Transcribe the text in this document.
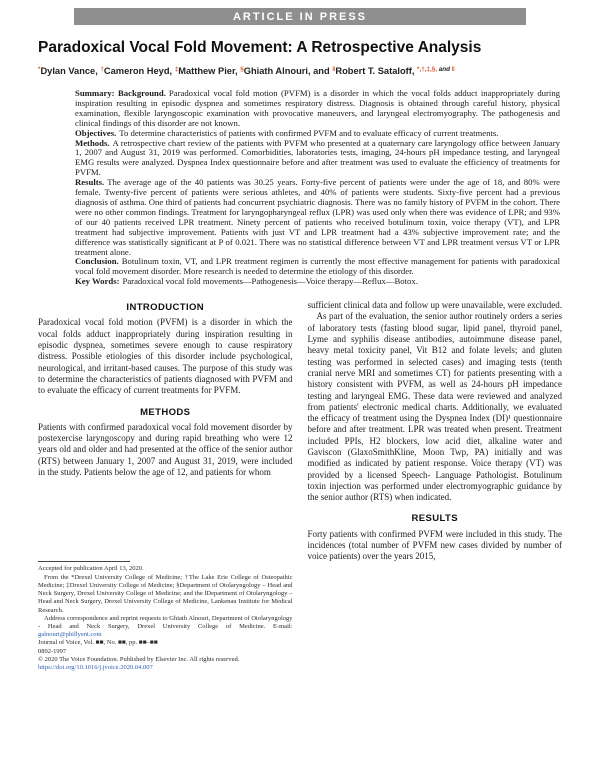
ARTICLE IN PRESS
Paradoxical Vocal Fold Movement: A Retrospective Analysis
*Dylan Vance, †Cameron Heyd, ‡Matthew Pier, §Ghiath Alnouri, and ‖Robert T. Sataloff, *,†,‡,§, $^{and}$ ‖

Summary: Background. Paradoxical vocal fold motion (PVFM) is a disorder in which the vocal folds adduct inappropriately during inspiration resulting in episodic dyspnea and sometimes respiratory distress. Diagnosis is obtained through careful history, physical examination, flexible laryngoscopic examination with provocative maneuvers, and laryngeal electromyography. The pathogenesis and clinical findings of this disorder are not known.

Objectives. To determine characteristics of patients with confirmed PVFM and to evaluate efficacy of current treatments.

Methods. A retrospective chart review of the patients with PVFM who presented at a quaternary care laryngology office between January 1, 2007 and August 31, 2019 was performed. Comorbidities, laboratories tests, imaging, 24-hours pH impedance testing, and laryngeal EMG results were analyzed. Dyspnea Index questionnaire before and after treatment was used to evaluate the efficiency of treatments for PVFM.

Results. The average age of the 40 patients was 30.25 years. Forty-five percent of patients were under the age of 18, and 80% were female. Twenty-five percent of patients were serious athletes, and 40% of patients were students. Sixty-five percent had a previous diagnosis of asthma. One third of patients had concurrent psychiatric diagnosis. There was no family history of PVFM in the cohort. There were no other common findings. Treatment for laryngopharyngeal reflux (LPR) was used only when there was evidence of LPR; and 93% of our 40 patients received LPR treatment. Ninety percent of patients who received botulinum toxin, voice therapy (VT), and LPR treatment had subjective improvement. Patients with just VT and LPR treatment had a 43% subjective improvement rate; and the difference was statistically significant at P of 0.021. There was no statistical difference between VT and LPR treatment versus VT or LPR treatment alone.

Conclusion. Botulinum toxin, VT, and LPR treatment regimen is currently the most effective management for patients with paradoxical vocal fold movement disorder. More research is needed to determine the etiology of this disorder.

Key Words: Paradoxical vocal fold movements—Pathogenesis—Voice therapy—Reflux—Botox.

INTRODUCTION

Paradoxical vocal fold motion (PVFM) is a disorder in which the vocal folds adduct inappropriately during inspiration resulting in episodic dyspnea, sometimes severe enough to cause respiratory distress. Possible etiologies of this disorder include psychological, neurological, and irritant-based causes. The purpose of this study was to determine the characteristics of patients diagnosed with PVFM and to evaluate the efficacy of current treatments for PVFM.

METHODS

Patients with confirmed paradoxical vocal fold movement disorder by postexercise laryngoscopy and during rapid breathing who were 12 years old and older and had presented at the office of the senior author (RTS) between January 1, 2007 and August 31, 2019, were included in the study. Patients below the age of 12, and patients for whom

Accepted for publication April 13, 2020.

From the *Drexel University College of Medicine; †The Lake Erie College of Osteopathic Medicine; ‡Drexel University College of Medicine; §Department of Otolaryngology – Head and Neck Surgery, Drexel University College of Medicine; and the ‖Department of Otolaryngology – Head and Neck Surgery, Drexel University College of Medicine, Lankenau Institute for Medical Research.

Address correspondence and reprint requests to Ghiath Alnouri, Department of Otolaryngology - Head and Neck Surgery, Drexel University College of Medicine. E-mail: galnouri@phillyent.com

Journal of Voice, Vol. ■■, No. ■■, pp. ■■–■■

0892-1997

© 2020 The Voice Foundation. Published by Elsevier Inc. All rights reserved.

https://doi.org/10.1016/j.jvoice.2020.04.007

sufficient clinical data and follow up were unavailable, were excluded.

As part of the evaluation, the senior author routinely orders a series of laboratory tests (fasting blood sugar, lipid panel, thyroid panel, Lyme and syphilis disease antibodies, autoimmune disease panel, heavy metal toxicity panel, Vit B12 and folate levels; and gluten testing was performed in selected cases) and imaging tests (tenth cranial nerve MRI and sometimes CT) for patients presenting with a history consistent with PVFM, as well as 24-hours pH impedance testing and laryngeal EMG. These data were reviewed and analyzed from patients' electronic medical charts. Additionally, we evaluated the efficacy of treatment using the Dyspnea Index (DI)¹ questionnaire before and after treatment. LPR was treated when present. Treatment included PPIs, H2 blockers, low acid diet, alkaline water and Gaviscon (GlaxoSmithKline, Moon Twp, PA) initially and was modified as indicated by patient response. Voice therapy (VT) was provided by a licensed Speech- Language Pathologist. Botulinum toxin injection was performed under electromyographic guidance by the senior author (RTS) when indicated.

RESULTS

Forty patients with confirmed PVFM were included in this study. The incidences (total number of PVFM new cases divided by number of voice patients) over the years 2015,
